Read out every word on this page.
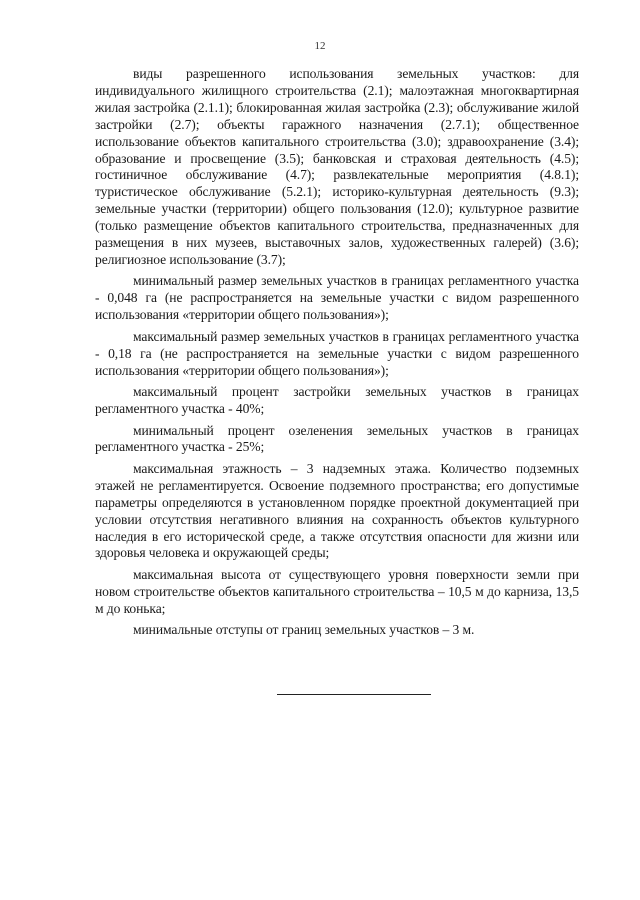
12

виды разрешенного использования земельных участков: для индивидуального жилищного строительства (2.1); малоэтажная многоквартирная жилая застройка (2.1.1); блокированная жилая застройка (2.3); обслуживание жилой застройки (2.7); объекты гаражного назначения (2.7.1); общественное использование объектов капитального строительства (3.0); здравоохранение (3.4); образование и просвещение (3.5); банковская и страховая деятельность (4.5); гостиничное обслуживание (4.7); развлекательные мероприятия (4.8.1); туристическое обслуживание (5.2.1); историко-культурная деятельность (9.3); земельные участки (территории) общего пользования (12.0); культурное развитие (только размещение объектов капитального строительства, предназначенных для размещения в них музеев, выставочных залов, художественных галерей) (3.6); религиозное использование (3.7);

минимальный размер земельных участков в границах регламентного участка - 0,048 га (не распространяется на земельные участки с видом разрешенного использования «территории общего пользования»);

максимальный размер земельных участков в границах регламентного участка - 0,18 га (не распространяется на земельные участки с видом разрешенного использования «территории общего пользования»);

максимальный процент застройки земельных участков в границах регламентного участка - 40%;

минимальный процент озеленения земельных участков в границах регламентного участка - 25%;

максимальная этажность – 3 надземных этажа. Количество подземных этажей не регламентируется. Освоение подземного пространства; его допустимые параметры определяются в установленном порядке проектной документацией при условии отсутствия негативного влияния на сохранность объектов культурного наследия в его исторической среде, а также отсутствия опасности для жизни или здоровья человека и окружающей среды;

максимальная высота от существующего уровня поверхности земли при новом строительстве объектов капитального строительства – 10,5 м до карниза, 13,5 м до конька;

минимальные отступы от границ земельных участков – 3 м.
